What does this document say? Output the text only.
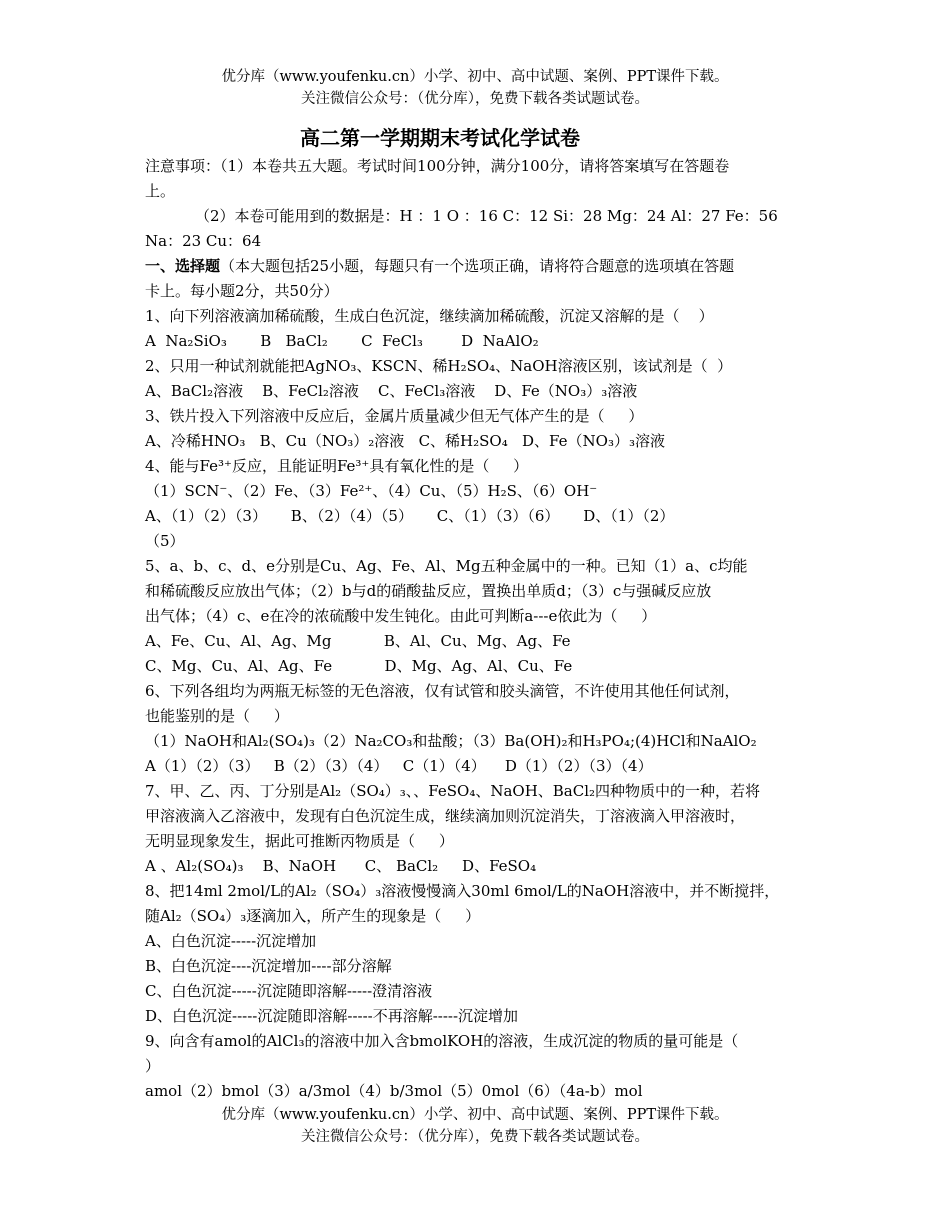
优分库（www.youfenku.cn）小学、初中、高中试题、案例、PPT课件下载。
关注微信公众号：（优分库），免费下载各类试题试卷。
高二第一学期期末考试化学试卷
注意事项：（1）本卷共五大题。考试时间100分钟，满分100分，请将答案填写在答题卷
上。
（2）本卷可能用到的数据是：H ：1 O ：16 C：12 Si：28 Mg：24 Al：27 Fe：56
Na：23 Cu：64
一、选择题（本大题包括25小题，每题只有一个选项正确，请将符合题意的选项填在答题
卡上。每小题2分，共50分）
1、向下列溶液滴加稀硫酸，生成白色沉淀，继续滴加稀硫酸，沉淀又溶解的是（    ）
A  Na₂SiO₃       B   BaCl₂       C  FeCl₃        D  NaAlO₂
2、只用一种试剂就能把AgNO₃、KSCN、稀H₂SO₄、NaOH溶液区别，该试剂是（  ）
A、BaCl₂溶液    B、FeCl₂溶液    C、FeCl₃溶液    D、Fe（NO₃）₃溶液
3、铁片投入下列溶液中反应后，金属片质量减少但无气体产生的是（     ）
A、冷稀HNO₃   B、Cu（NO₃）₂溶液   C、稀H₂SO₄   D、Fe（NO₃）₃溶液
4、能与Fe³⁺反应，且能证明Fe³⁺具有氧化性的是（     ）
（1）SCN⁻、（2）Fe、（3）Fe²⁺、（4）Cu、（5）H₂S、（6）OH⁻
A、（1）（2）（3）     B、（2）（4）（5）     C、（1）（3）（6）     D、（1）（2）
（5）
5、a、b、c、d、e分别是Cu、Ag、Fe、Al、Mg五种金属中的一种。已知（1）a、c均能
和稀硫酸反应放出气体；（2）b与d的硝酸盐反应，置换出单质d；（3）c与强碱反应放
出气体；（4）c、e在冷的浓硫酸中发生钝化。由此可判断a---e依此为（     ）
A、Fe、Cu、Al、Ag、Mg           B、Al、Cu、Mg、Ag、Fe
C、Mg、Cu、Al、Ag、Fe           D、Mg、Ag、Al、Cu、Fe
6、下列各组均为两瓶无标签的无色溶液，仅有试管和胶头滴管，不许使用其他任何试剂，
也能鉴别的是（     ）
（1）NaOH和Al₂(SO₄)₃（2）Na₂CO₃和盐酸；（3）Ba(OH)₂和H₃PO₄;(4)HCl和NaAlO₂
A（1）（2）（3）   B（2）（3）（4）   C（1）（4）    D（1）（2）（3）（4）
7、甲、乙、丙、丁分别是Al₂（SO₄）₃、、FeSO₄、NaOH、BaCl₂四种物质中的一种，若将
甲溶液滴入乙溶液中，发现有白色沉淀生成，继续滴加则沉淀消失，丁溶液滴入甲溶液时，
无明显现象发生，据此可推断丙物质是（     ）
A 、Al₂(SO₄)₃    B、NaOH      C、 BaCl₂     D、FeSO₄
8、把14ml 2mol/L的Al₂（SO₄）₃溶液慢慢滴入30ml 6mol/L的NaOH溶液中，并不断搅拌，
随Al₂（SO₄）₃逐滴加入，所产生的现象是（     ）
A、白色沉淀-----沉淀增加
B、白色沉淀----沉淀增加----部分溶解
C、白色沉淀-----沉淀随即溶解-----澄清溶液
D、白色沉淀-----沉淀随即溶解-----不再溶解-----沉淀增加
9、向含有amol的AlCl₃的溶液中加入含bmolKOH的溶液，生成沉淀的物质的量可能是（
）
amol（2）bmol（3）a/3mol（4）b/3mol（5）0mol（6）（4a-b）mol
优分库（www.youfenku.cn）小学、初中、高中试题、案例、PPT课件下载。
关注微信公众号：（优分库），免费下载各类试题试卷。
